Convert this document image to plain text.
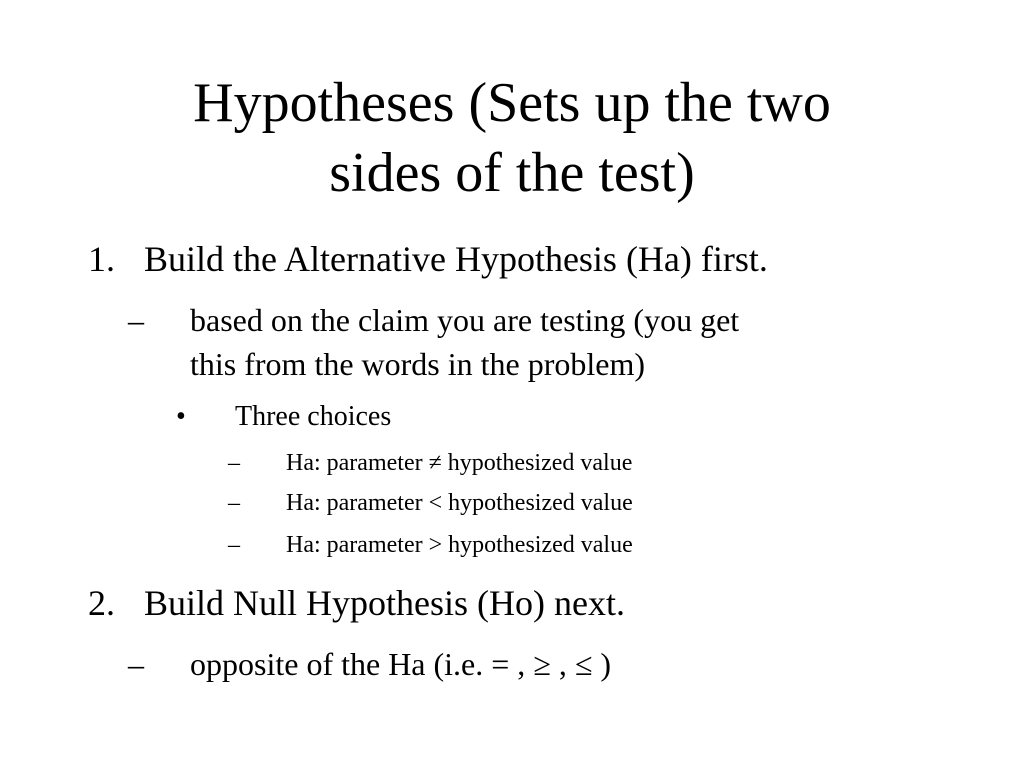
Hypotheses (Sets up the two
sides of the test)
1. Build the Alternative Hypothesis (Ha) first.
–	based on the claim you are testing (you get
this from the words in the problem)
• Three choices
– Ha: parameter ≠ hypothesized value
– Ha: parameter < hypothesized value
– Ha: parameter > hypothesized value
2. Build Null Hypothesis (Ho) next.
–	opposite of the Ha (i.e. = , ≥ , ≤ )
